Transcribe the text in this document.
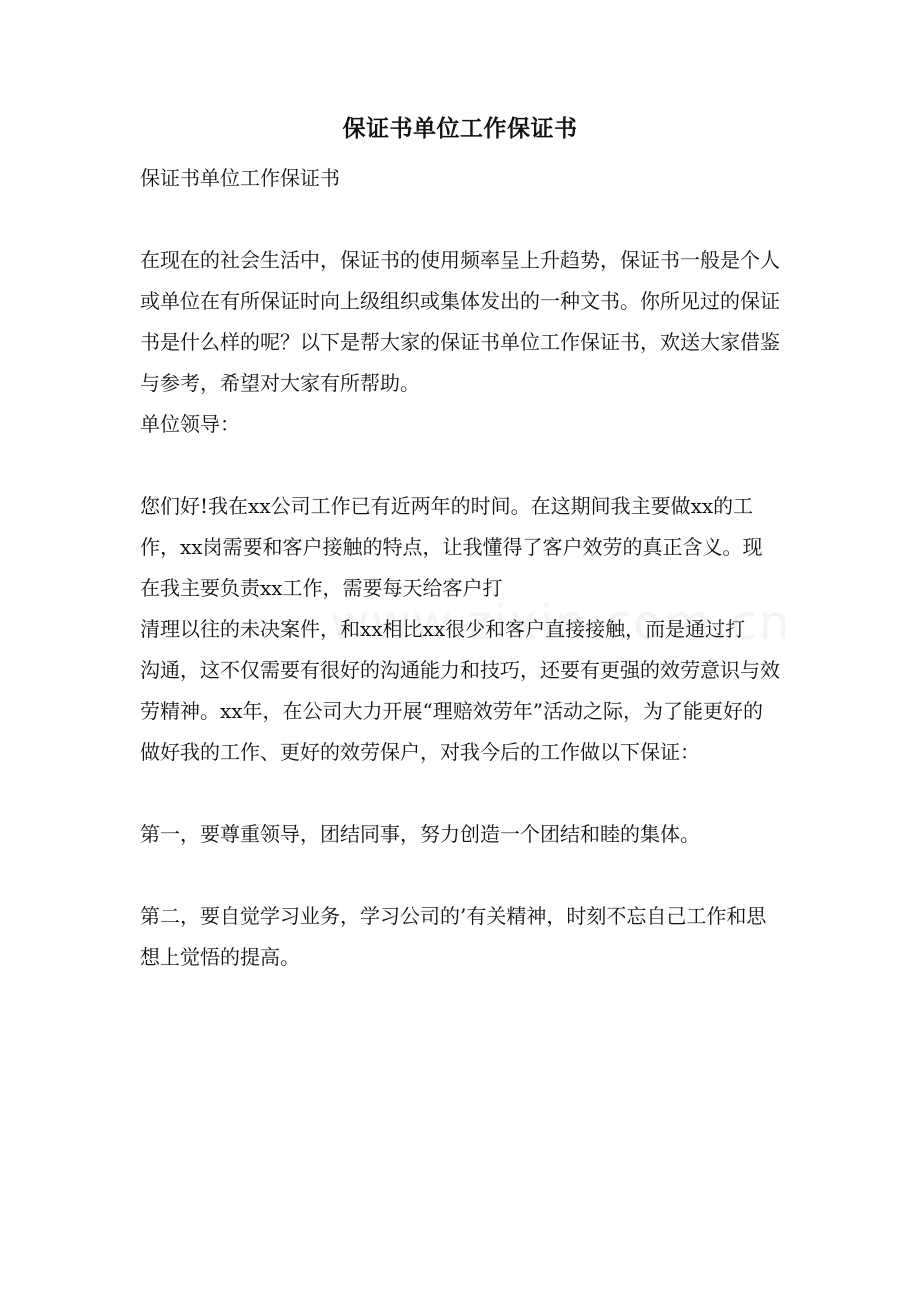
保证书单位工作保证书

保证书单位工作保证书

在现在的社会生活中，保证书的使用频率呈上升趋势，保证书一般是个人或单位在有所保证时向上级组织或集体发出的一种文书。你所见过的保证书是什么样的呢？以下是帮大家的保证书单位工作保证书，欢送大家借鉴与参考，希望对大家有所帮助。

单位领导：

您们好!我在xx公司工作已有近两年的时间。在这期间我主要做xx的工作，xx岗需要和客户接触的特点，让我懂得了客户效劳的真正含义。现在我主要负责xx工作，需要每天给客户打

清理以往的未决案件，和xx相比xx很少和客户直接接触，而是通过打

沟通，这不仅需要有很好的沟通能力和技巧，还要有更强的效劳意识与效劳精神。xx年，在公司大力开展“理赔效劳年”活动之际，为了能更好的做好我的工作、更好的效劳保户，对我今后的工作做以下保证：

第一，要尊重领导，团结同事，努力创造一个团结和睦的集体。

第二，要自觉学习业务，学习公司的’有关精神，时刻不忘自己工作和思想上觉悟的提高。
